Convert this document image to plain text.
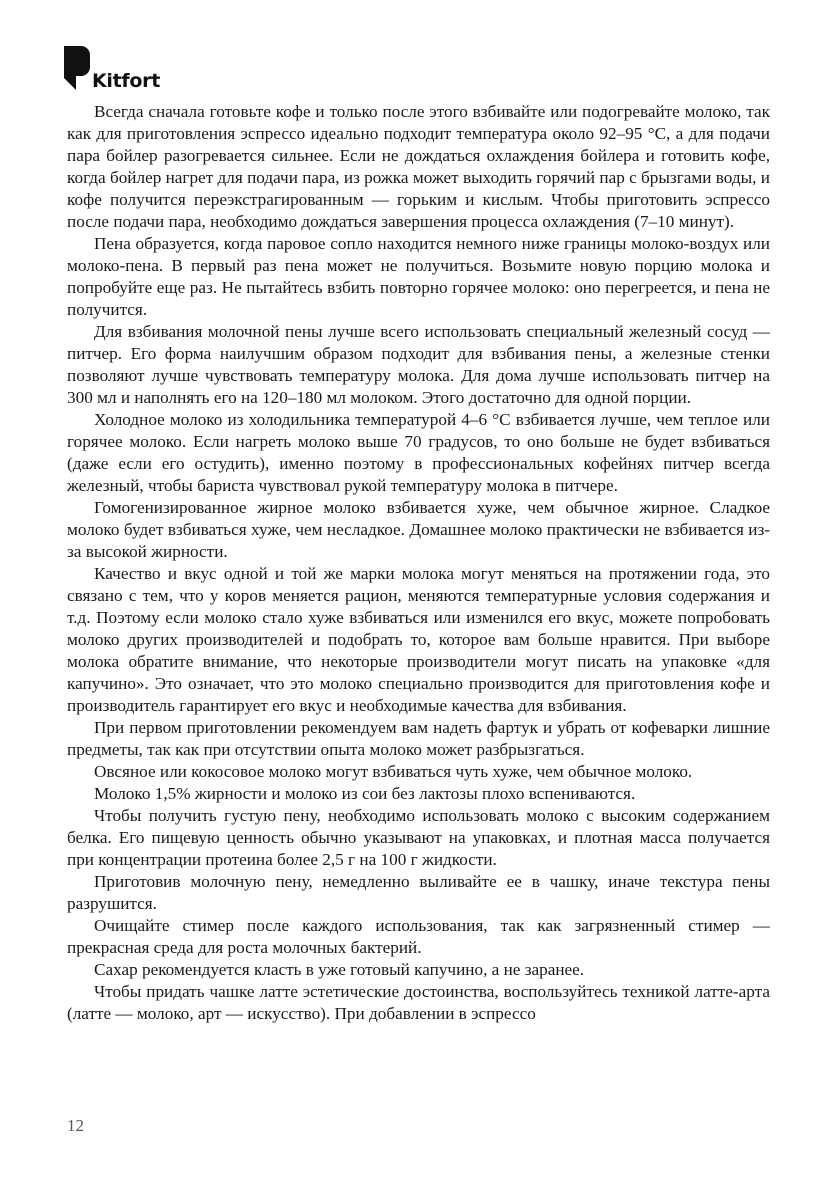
Kitfort

Всегда сначала готовьте кофе и только после этого взбивайте или подогревайте молоко, так как для приготовления эспрессо идеально подходит температура около 92–95 °С, а для подачи пара бойлер разогревается сильнее. Если не дождаться охлаждения бойлера и готовить кофе, когда бойлер нагрет для подачи пара, из рожка может выходить горячий пар с брызгами воды, и кофе получится переэкстрагированным — горьким и кислым. Чтобы приготовить эспрессо после подачи пара, необходимо дождаться завершения процесса охлаждения (7–10 минут).

Пена образуется, когда паровое сопло находится немного ниже границы молоко-воздух или молоко-пена. В первый раз пена может не получиться. Возьмите новую порцию молока и попробуйте еще раз. Не пытайтесь взбить повторно горячее молоко: оно перегреется, и пена не получится.

Для взбивания молочной пены лучше всего использовать специальный железный сосуд — питчер. Его форма наилучшим образом подходит для взбивания пены, а железные стенки позволяют лучше чувствовать температуру молока. Для дома лучше использовать питчер на 300 мл и наполнять его на 120–180 мл молоком. Этого достаточно для одной порции.

Холодное молоко из холодильника температурой 4–6 °С взбивается лучше, чем теплое или горячее молоко. Если нагреть молоко выше 70 градусов, то оно больше не будет взбиваться (даже если его остудить), именно поэтому в профессиональных кофейнях питчер всегда железный, чтобы бариста чувствовал рукой температуру молока в питчере.

Гомогенизированное жирное молоко взбивается хуже, чем обычное жирное. Сладкое молоко будет взбиваться хуже, чем несладкое. Домашнее молоко практически не взбивается из-за высокой жирности.

Качество и вкус одной и той же марки молока могут меняться на протяжении года, это связано с тем, что у коров меняется рацион, меняются температурные условия содержания и т.д. Поэтому если молоко стало хуже взбиваться или изменился его вкус, можете попробовать молоко других производителей и подобрать то, которое вам больше нравится. При выборе молока обратите внимание, что некоторые производители могут писать на упаковке «для капучино». Это означает, что это молоко специально производится для приготовления кофе и производитель гарантирует его вкус и необходимые качества для взбивания.

При первом приготовлении рекомендуем вам надеть фартук и убрать от кофеварки лишние предметы, так как при отсутствии опыта молоко может разбрызгаться.

Овсяное или кокосовое молоко могут взбиваться чуть хуже, чем обычное молоко.

Молоко 1,5% жирности и молоко из сои без лактозы плохо вспениваются.

Чтобы получить густую пену, необходимо использовать молоко с высоким содержанием белка. Его пищевую ценность обычно указывают на упаковках, и плотная масса получается при концентрации протеина более 2,5 г на 100 г жидкости.

Приготовив молочную пену, немедленно выливайте ее в чашку, иначе текстура пены разрушится.

Очищайте стимер после каждого использования, так как загрязненный стимер — прекрасная среда для роста молочных бактерий.

Сахар рекомендуется класть в уже готовый капучино, а не заранее.

Чтобы придать чашке латте эстетические достоинства, воспользуйтесь техникой латте-арта (латте — молоко, арт — искусство). При добавлении в эспрессо

12
